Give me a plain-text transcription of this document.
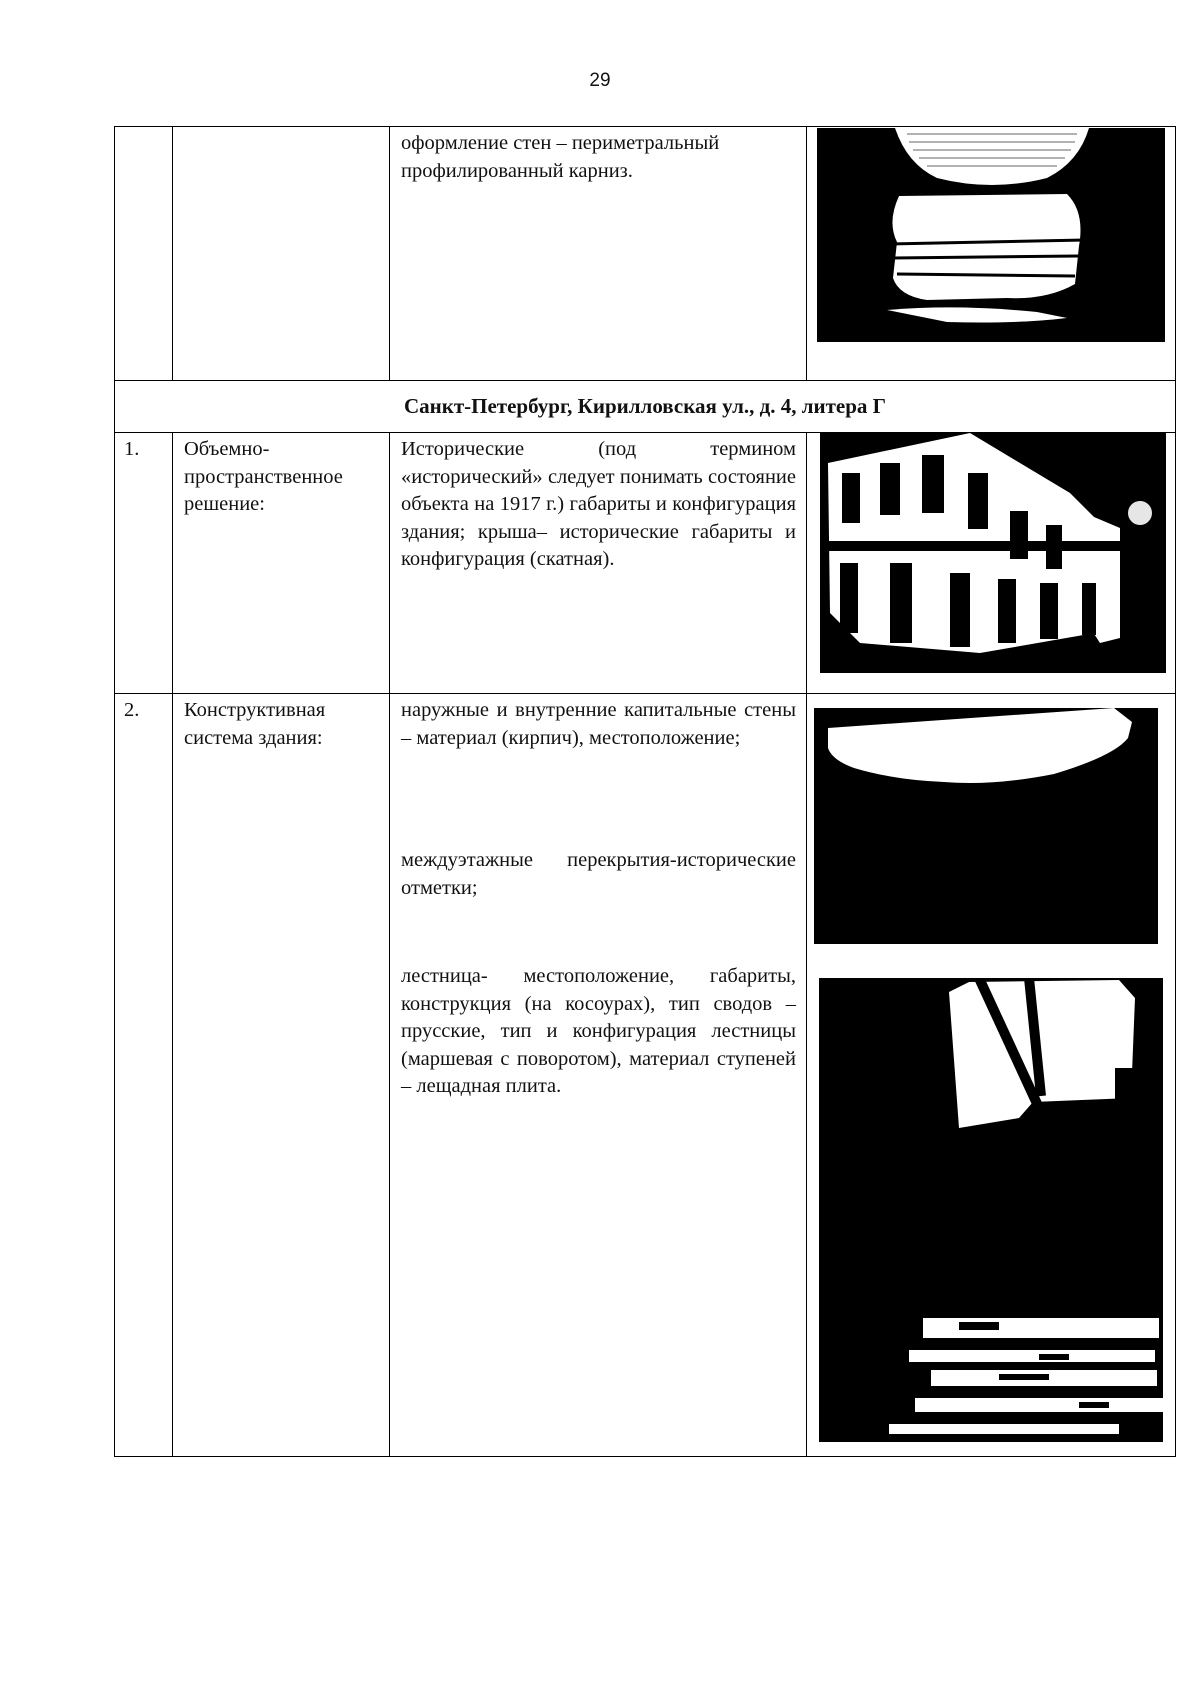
29

		оформление стен – периметральный профилированный карниз.

Санкт-Петербург, Кирилловская ул., д. 4, литера Г			

1.	Объемно-пространственное решение:	Исторические (под термином «исторический» следует понимать состояние объекта на 1917 г.) габариты и конфигурация здания; крыша– исторические габариты и конфигурация (скатная).

2.	Конструктивная система здания:	наружные и внутренние капитальные стены – материал (кирпич), местоположение;
междуэтажные перекрытия-исторические отметки;
лестница- местоположение, габариты, конструкция (на косоурах), тип сводов – прусские, тип и конфигурация лестницы (маршевая с поворотом), материал ступеней – лещадная плита.
